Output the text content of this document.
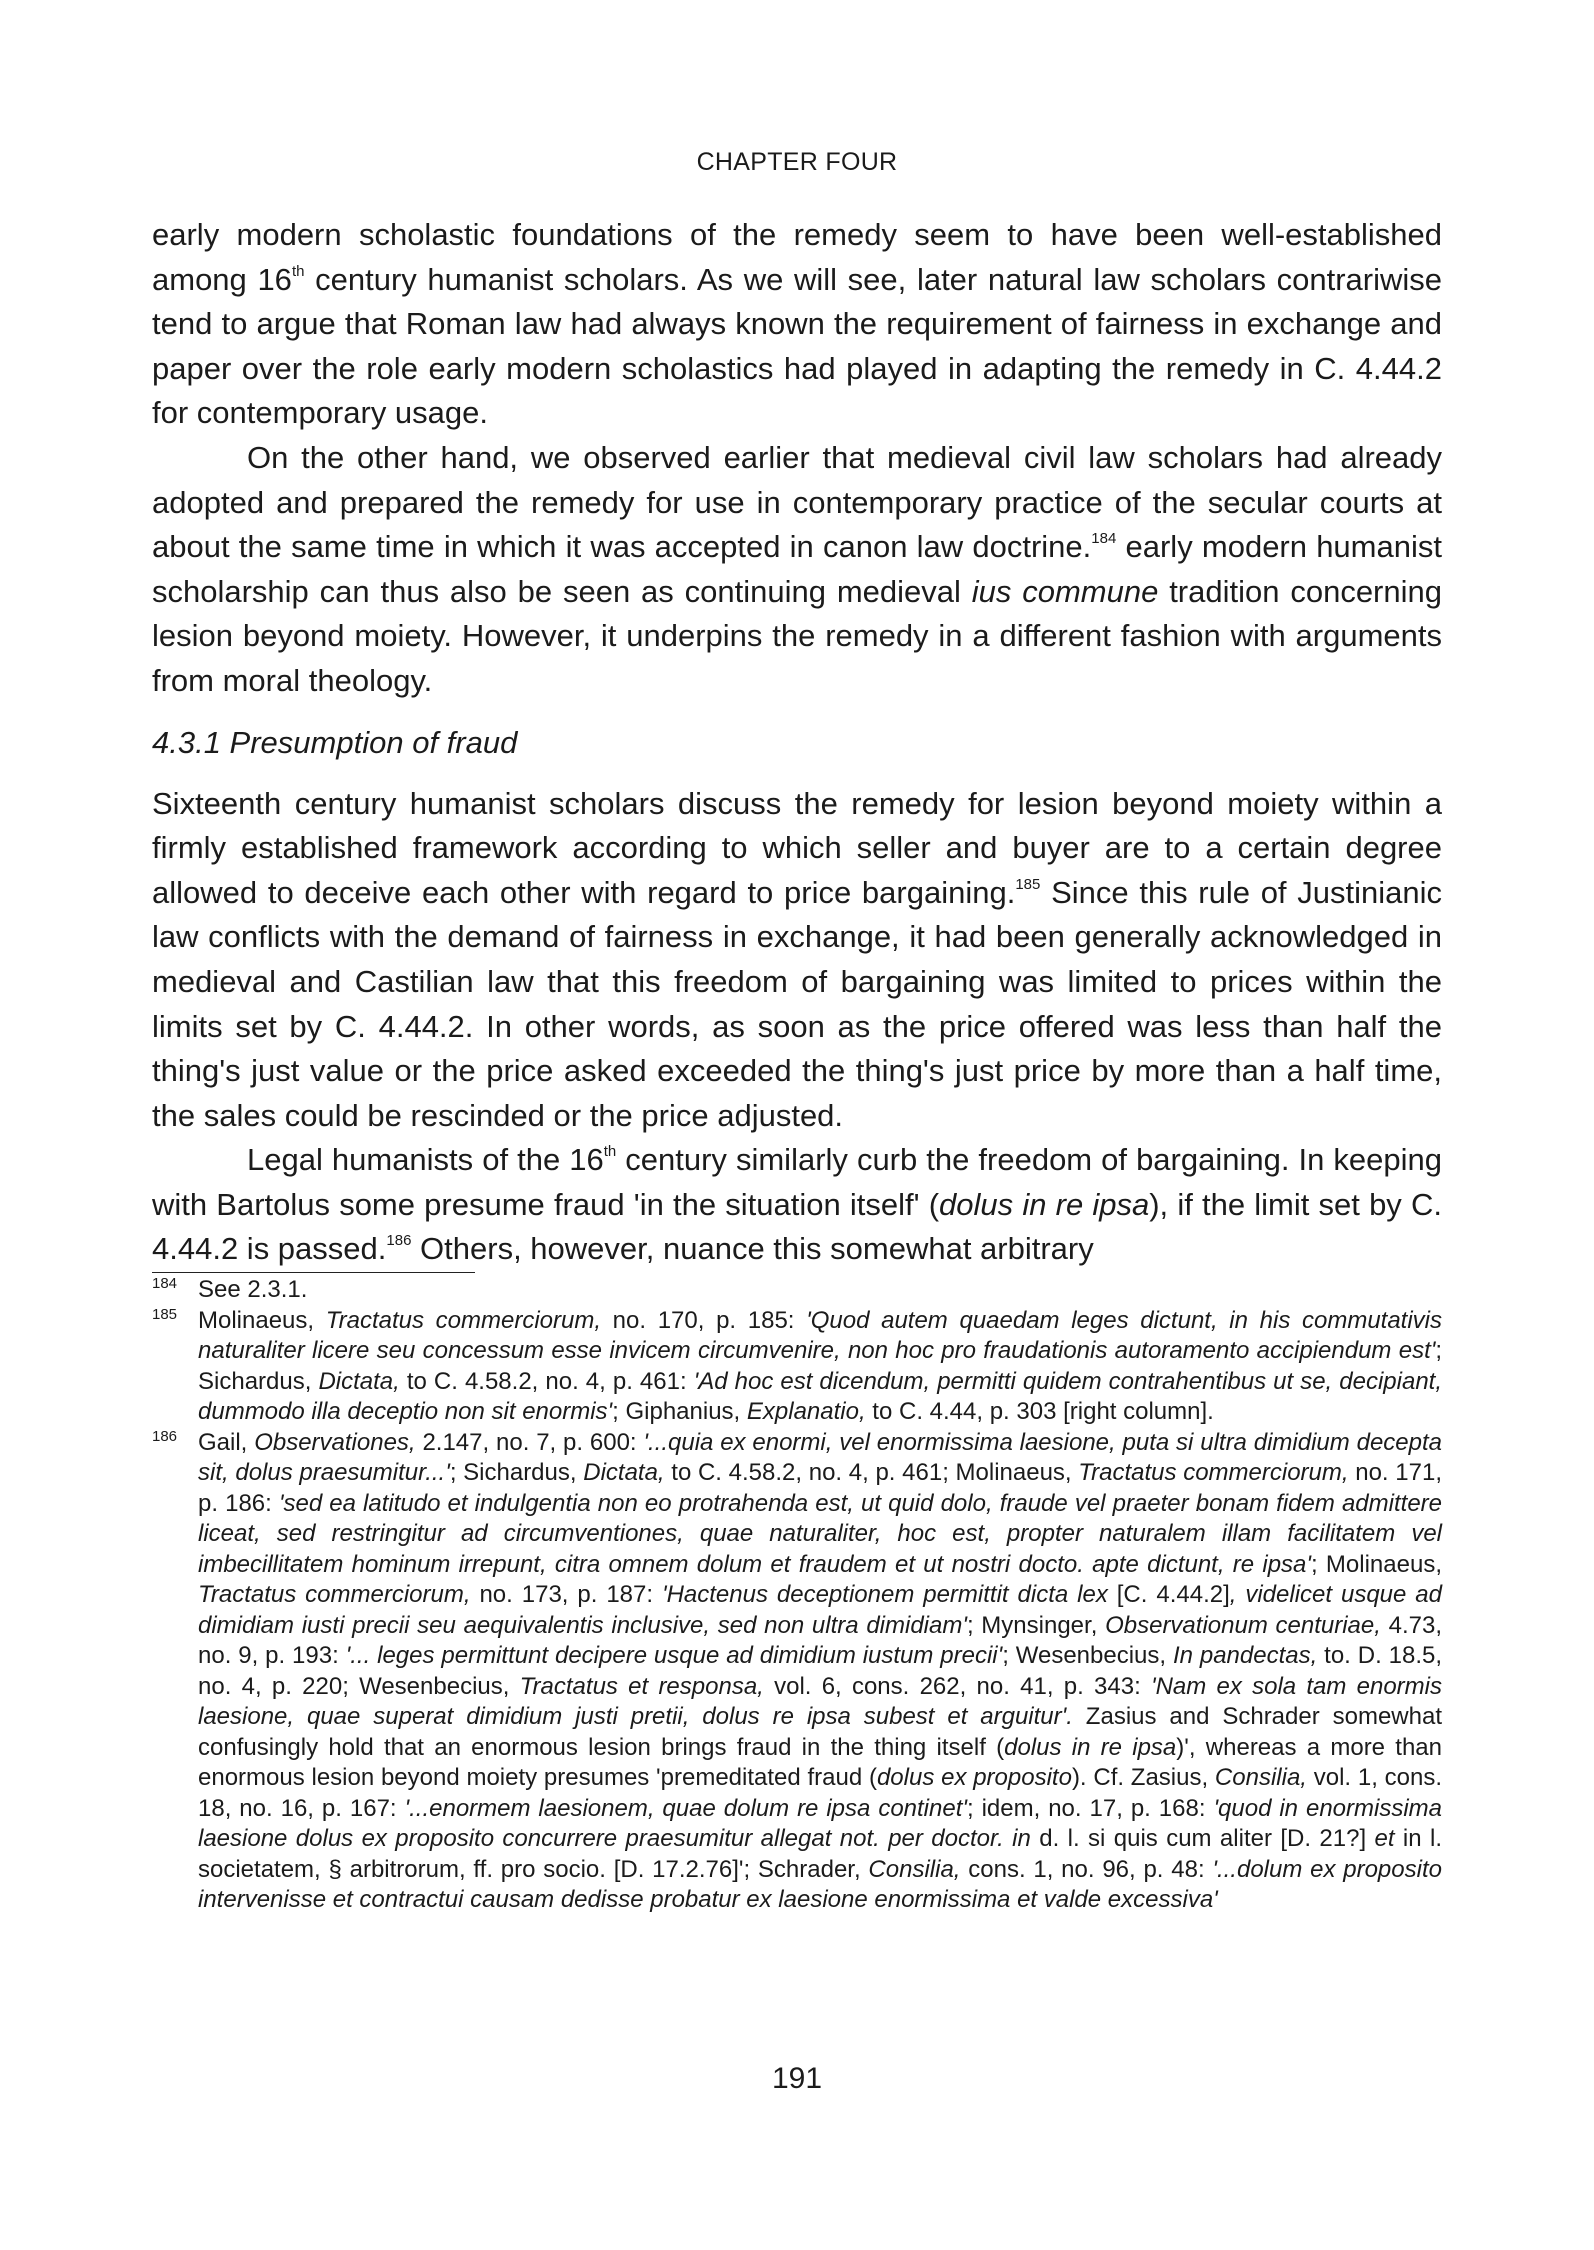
CHAPTER FOUR

early modern scholastic foundations of the remedy seem to have been well-established among 16th century humanist scholars. As we will see, later natural law scholars contrariwise tend to argue that Roman law had always known the requirement of fairness in exchange and paper over the role early modern scholastics had played in adapting the remedy in C. 4.44.2 for contemporary usage.

On the other hand, we observed earlier that medieval civil law scholars had already adopted and prepared the remedy for use in contemporary practice of the secular courts at about the same time in which it was accepted in canon law doctrine.$^{184}$ early modern humanist scholarship can thus also be seen as continuing medieval ius commune tradition concerning lesion beyond moiety. However, it underpins the remedy in a different fashion with arguments from moral theology.

4.3.1 Presumption of fraud

Sixteenth century humanist scholars discuss the remedy for lesion beyond moiety within a firmly established framework according to which seller and buyer are to a certain degree allowed to deceive each other with regard to price bargaining.$^{185}$ Since this rule of Justinianic law conflicts with the demand of fairness in exchange, it had been generally acknowledged in medieval and Castilian law that this freedom of bargaining was limited to prices within the limits set by C. 4.44.2. In other words, as soon as the price offered was less than half the thing's just value or the price asked exceeded the thing's just price by more than a half time, the sales could be rescinded or the price adjusted.

Legal humanists of the 16th century similarly curb the freedom of bargaining. In keeping with Bartolus some presume fraud 'in the situation itself' (dolus in re ipsa), if the limit set by C. 4.44.2 is passed.$^{186}$ Others, however, nuance this somewhat arbitrary

184 See 2.3.1.
185 Molinaeus, Tractatus commerciorum, no. 170, p. 185: 'Quod autem quaedam leges dictunt, in his commutativis naturaliter licere seu concessum esse invicem circumvenire, non hoc pro fraudationis autoramento accipiendum est'; Sichardus, Dictata, to C. 4.58.2, no. 4, p. 461: 'Ad hoc est dicendum, permitti quidem contrahentibus ut se, decipiant, dummodo illa deceptio non sit enormis'; Giphanius, Explanatio, to C. 4.44, p. 303 [right column].
186 Gail, Observationes, 2.147, no. 7, p. 600: '...quia ex enormi, vel enormissima laesione, puta si ultra dimidium decepta sit, dolus praesumitur...'; Sichardus, Dictata, to C. 4.58.2, no. 4, p. 461; Molinaeus, Tractatus commerciorum, no. 171, p. 186: 'sed ea latitudo et indulgentia non eo protrahenda est, ut quid dolo, fraude vel praeter bonam fidem admittere liceat, sed restringitur ad circumventiones, quae naturaliter, hoc est, propter naturalem illam facilitatem vel imbecillitatem hominum irrepunt, citra omnem dolum et fraudem et ut nostri docto. apte dictunt, re ipsa'; Molinaeus, Tractatus commerciorum, no. 173, p. 187: 'Hactenus deceptionem permittit dicta lex [C. 4.44.2], videlicet usque ad dimidiam iusti precii seu aequivalentis inclusive, sed non ultra dimidiam'; Mynsinger, Observationum centuriae, 4.73, no. 9, p. 193: '... leges permittunt decipere usque ad dimidium iustum precii'; Wesenbecius, In pandectas, to. D. 18.5, no. 4, p. 220; Wesenbecius, Tractatus et responsa, vol. 6, cons. 262, no. 41, p. 343: 'Nam ex sola tam enormis laesione, quae superat dimidium justi pretii, dolus re ipsa subest et arguitur'. Zasius and Schrader somewhat confusingly hold that an enormous lesion brings fraud in the thing itself (dolus in re ipsa)', whereas a more than enormous lesion beyond moiety presumes 'premeditated fraud (dolus ex proposito). Cf. Zasius, Consilia, vol. 1, cons. 18, no. 16, p. 167: '...enormem laesionem, quae dolum re ipsa continet'; idem, no. 17, p. 168: 'quod in enormissima laesione dolus ex proposito concurrere praesumitur allegat not. per doctor. in d. l. si quis cum aliter [D. 21?] et in l. societatem, § arbitrorum, ff. pro socio. [D. 17.2.76]'; Schrader, Consilia, cons. 1, no. 96, p. 48: '...dolum ex proposito intervenisse et contractui causam dedisse probatur ex laesione enormissima et valde excessiva'
191
